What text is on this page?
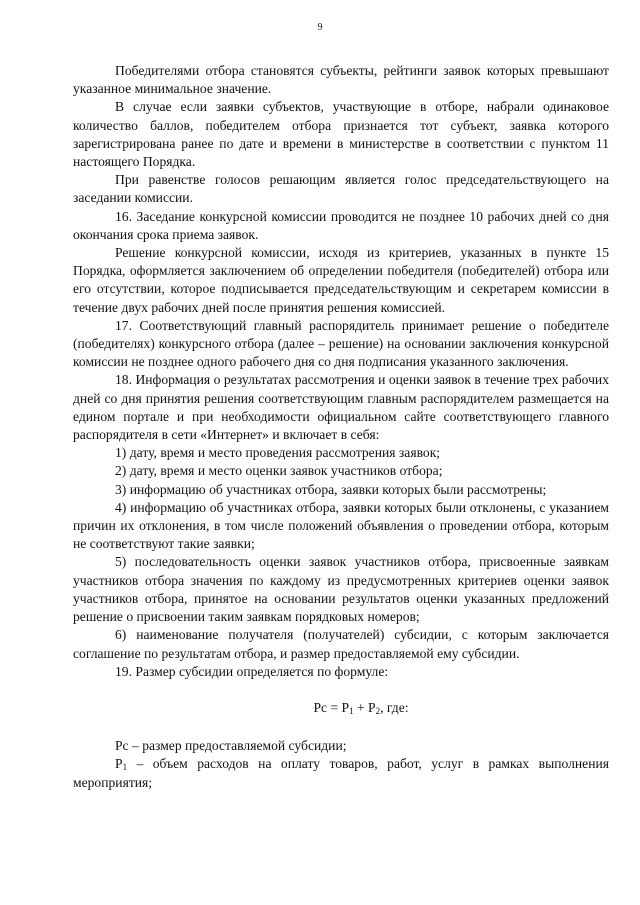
9

Победителями отбора становятся субъекты, рейтинги заявок которых превышают указанное минимальное значение.

В случае если заявки субъектов, участвующие в отборе, набрали одинаковое количество баллов, победителем отбора признается тот субъект, заявка которого зарегистрирована ранее по дате и времени в министерстве в соответствии с пунктом 11 настоящего Порядка.

При равенстве голосов решающим является голос председательствующего на заседании комиссии.

16. Заседание конкурсной комиссии проводится не позднее 10 рабочих дней со дня окончания срока приема заявок.

Решение конкурсной комиссии, исходя из критериев, указанных в пункте 15 Порядка, оформляется заключением об определении победителя (победителей) отбора или его отсутствии, которое подписывается председательствующим и секретарем комиссии в течение двух рабочих дней после принятия решения комиссией.

17. Соответствующий главный распорядитель принимает решение о победителе (победителях) конкурсного отбора (далее – решение) на основании заключения конкурсной комиссии не позднее одного рабочего дня со дня подписания указанного заключения.

18. Информация о результатах рассмотрения и оценки заявок в течение трех рабочих дней со дня принятия решения соответствующим главным распорядителем размещается на едином портале и при необходимости официальном сайте соответствующего главного распорядителя в сети «Интернет» и включает в себя:

1) дату, время и место проведения рассмотрения заявок;

2) дату, время и место оценки заявок участников отбора;

3) информацию об участниках отбора, заявки которых были рассмотрены;

4) информацию об участниках отбора, заявки которых были отклонены, с указанием причин их отклонения, в том числе положений объявления о проведении отбора, которым не соответствуют такие заявки;

5) последовательность оценки заявок участников отбора, присвоенные заявкам участников отбора значения по каждому из предусмотренных критериев оценки заявок участников отбора, принятое на основании результатов оценки указанных предложений решение о присвоении таким заявкам порядковых номеров;

6) наименование получателя (получателей) субсидии, с которым заключается соглашение по результатам отбора, и размер предоставляемой ему субсидии.

19. Размер субсидии определяется по формуле:

$Pc = P_1 + P_2$, где:

Рс – размер предоставляемой субсидии;

$Р_1$ – объем расходов на оплату товаров, работ, услуг в рамках выполнения мероприятия;
